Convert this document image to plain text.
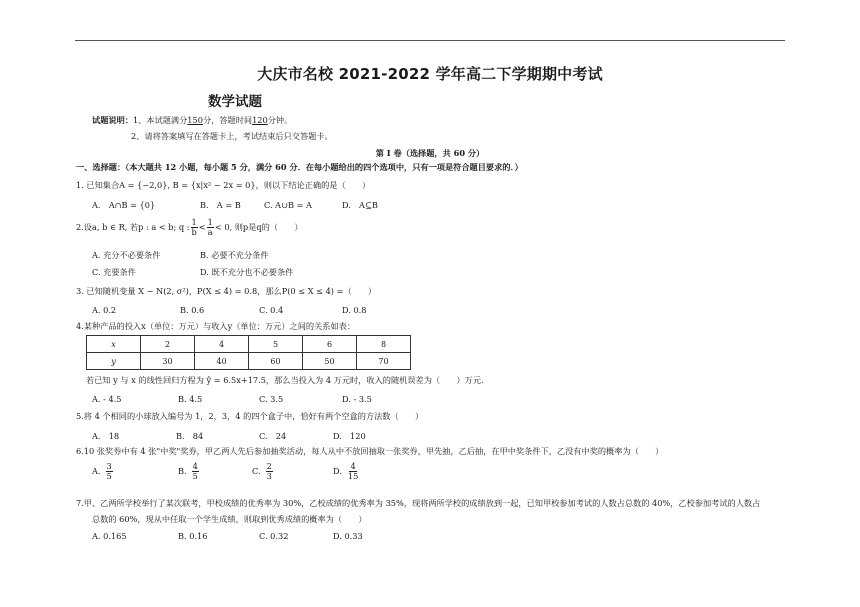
大庆市名校 2021-2022 学年高二下学期期中考试
数学试题
试题说明：1、本试题满分150分，答题时间120分钟。
2、请将答案填写在答题卡上，考试结束后只交答题卡。
第 I 卷（选择题，共 60 分）
一、选择题：（本大题共 12 小题，每小题 5 分，满分 60 分．在每小题给出的四个选项中，只有一项是符合题目要求的．）
1. 已知集合A = {−2,0}, B = {x|x² − 2x = 0}，则以下结论正确的是（　　）
A.　A∩B = {0}	B.　A = B	C. A∪B = A	D.　A⊆B
2.设a, b ∈ R, 若p : a < b; q : $\frac{1}{b} < \frac{1}{a} < 0$, 则p是q的（　　）
A. 充分不必要条件	B. 必要不充分条件
C. 充要条件	D. 既不充分也不必要条件
3. 已知随机变量 X ~ N(2, σ²)，P(X ≤ 4) = 0.8，那么P(0 ≤ X ≤ 4) =（　　）
A. 0.2	B. 0.6	C. 0.4	D. 0.8
4.某种产品的投入x（单位：万元）与收入y（单位：万元）之间的关系如表：
x	2	4	5	6	8
y	30	40	60	50	70
若已知 y 与 x 的线性回归方程为 ŷ = 6.5x+17.5，那么当投入为 4 万元时，收入的随机误差为（　　）万元.
A. - 4.5	B. 4.5	C. 3.5	D. - 3.5
5.将 4 个相同的小球放入编号为 1，2，3，4 的四个盒子中，恰好有两个空盒的方法数（　　）
A.　18	B.　84	C.　24	D.　120
6.10 张奖券中有 4 张"中奖"奖券，甲乙两人先后参加抽奖活动，每人从中不放回抽取一张奖券，甲先抽，乙后抽，在甲中奖条件下，乙没有中奖的概率为（　　）
A. $\frac{3}{5}$	B. $\frac{4}{5}$	C. $\frac{2}{3}$	D. $\frac{4}{15}$
7.甲、乙两所学校举行了某次联考，甲校成绩的优秀率为 30%，乙校成绩的优秀率为 35%，现将两所学校的成绩放到一起，已知甲校参加考试的人数占总数的 40%，乙校参加考试的人数占
总数的 60%，现从中任取一个学生成绩，则取到优秀成绩的概率为（　　）
A. 0.165	B. 0.16	C. 0.32	D. 0.33
